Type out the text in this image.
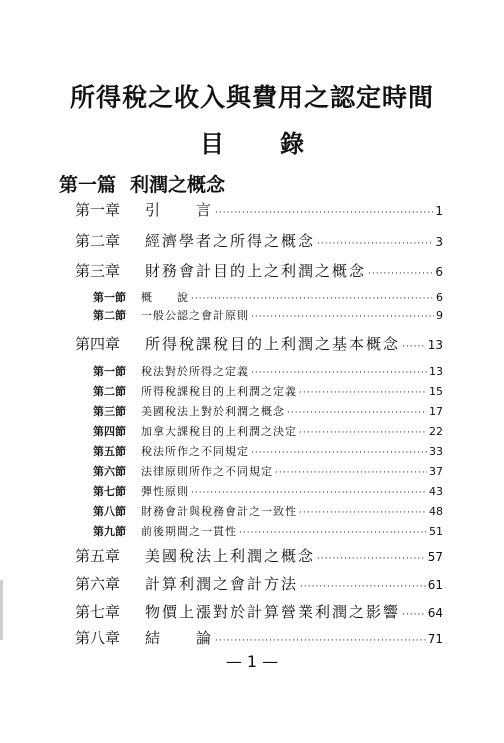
所得稅之收入與費用之認定時間
目 錄
第一篇 利潤之概念
第一章	引　　言 ·····	1
第二章	經濟學者之所得之概念 ·····	3
第三章	財務會計目的上之利潤之概念 ·····	6
第一節	概　　說 ·····	6
第二節	一般公認之會計原則 ·····	9
第四章	所得稅課稅目的上利潤之基本概念 ····· 13
第一節	稅法對於所得之定義 ·····	13
第二節	所得稅課稅目的上利潤之定義 ·····	15
第三節	美國稅法上對於利潤之概念 ·····	17
第四節	加拿大課稅目的上利潤之決定 ·····	22
第五節	稅法所作之不同規定 ·····	33
第六節	法律原則所作之不同規定 ·····	37
第七節	彈性原則 ·····	43
第八節	財務會計與稅務會計之一致性 ·····	48
第九節	前後期間之一貫性 ·····	51
第五章	美國稅法上利潤之概念 ·····	57
第六章	計算利潤之會計方法 ·····	61
第七章	物價上漲對於計算營業利潤之影響 ····· 64
第八章	結　　論 ·····	71
— 1 —
